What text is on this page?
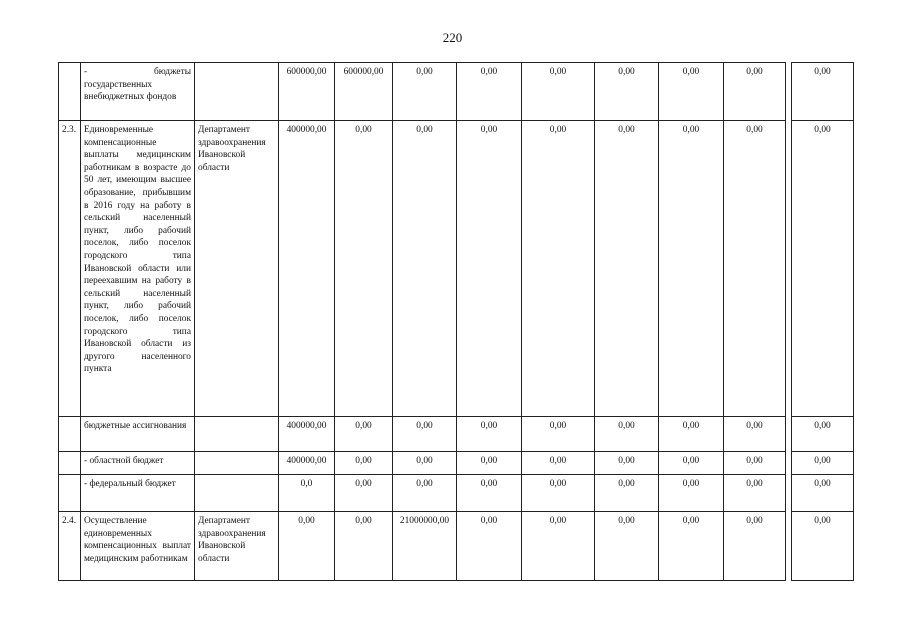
220
	- бюджеты государственных внебюджетных фондов		600000,00	600000,00	0,00	0,00	0,00	0,00	0,00	0,00		0,00
2.3.	Единовременные компенсационные выплаты медицинским работникам в возрасте до 50 лет, имеющим высшее образование, прибывшим в 2016 году на работу в сельский населенный пункт, либо рабочий поселок, либо поселок городского типа Ивановской области или переехавшим на работу в сельский населенный пункт, либо рабочий поселок, либо поселок городского типа Ивановской области из другого населенного пункта	Департамент здравоохранения Ивановской области	400000,00	0,00	0,00	0,00	0,00	0,00	0,00	0,00		0,00
	бюджетные ассигнования		400000,00	0,00	0,00	0,00	0,00	0,00	0,00	0,00		0,00
	- областной бюджет		400000,00	0,00	0,00	0,00	0,00	0,00	0,00	0,00		0,00
	- федеральный бюджет		0,0	0,00	0,00	0,00	0,00	0,00	0,00	0,00		0,00
2.4.	Осуществление единовременных компенсационных выплат медицинским работникам	Департамент здравоохранения Ивановской области	0,00	0,00	21000000,00	0,00	0,00	0,00	0,00	0,00		0,00
